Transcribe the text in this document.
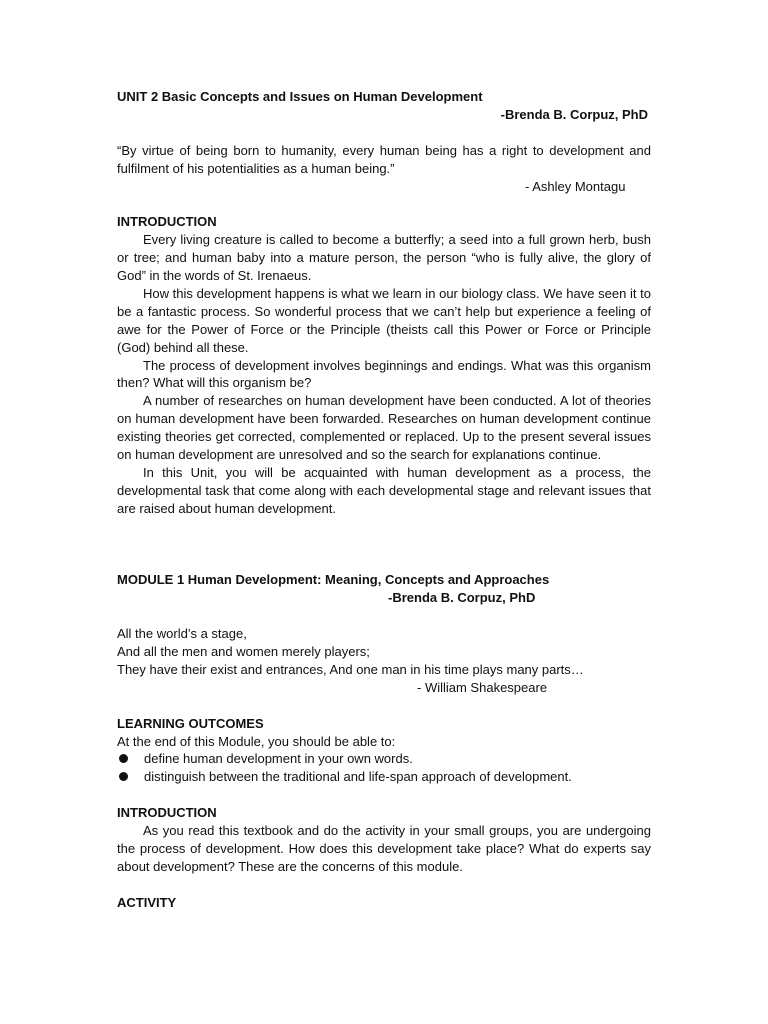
UNIT 2 Basic Concepts and Issues on Human Development
-Brenda B. Corpuz, PhD
“By virtue of being born to humanity, every human being has a right to development and fulfilment of his potentialities as a human being.”
- Ashley Montagu
INTRODUCTION
Every living creature is called to become a butterfly; a seed into a full grown herb, bush or tree; and human baby into a mature person, the person “who is fully alive, the glory of God” in the words of St. Irenaeus.
How this development happens is what we learn in our biology class. We have seen it to be a fantastic process. So wonderful process that we can’t help but experience a feeling of awe for the Power of Force or the Principle (theists call this Power or Force or Principle (God) behind all these.
The process of development involves beginnings and endings. What was this organism then? What will this organism be?
A number of researches on human development have been conducted. A lot of theories on human development have been forwarded. Researches on human development continue existing theories get corrected, complemented or replaced. Up to the present several issues on human development are unresolved and so the search for explanations continue.
In this Unit, you will be acquainted with human development as a process, the developmental task that come along with each developmental stage and relevant issues that are raised about human development.
MODULE 1 Human Development: Meaning, Concepts and Approaches
-Brenda B. Corpuz, PhD
All the world’s a stage,
And all the men and women merely players;
They have their exist and entrances, And one man in his time plays many parts…
- William Shakespeare
LEARNING OUTCOMES
At the end of this Module, you should be able to:
define human development in your own words.
distinguish between the traditional and life-span approach of development.
INTRODUCTION
As you read this textbook and do the activity in your small groups, you are undergoing the process of development. How does this development take place? What do experts say about development? These are the concerns of this module.
ACTIVITY
